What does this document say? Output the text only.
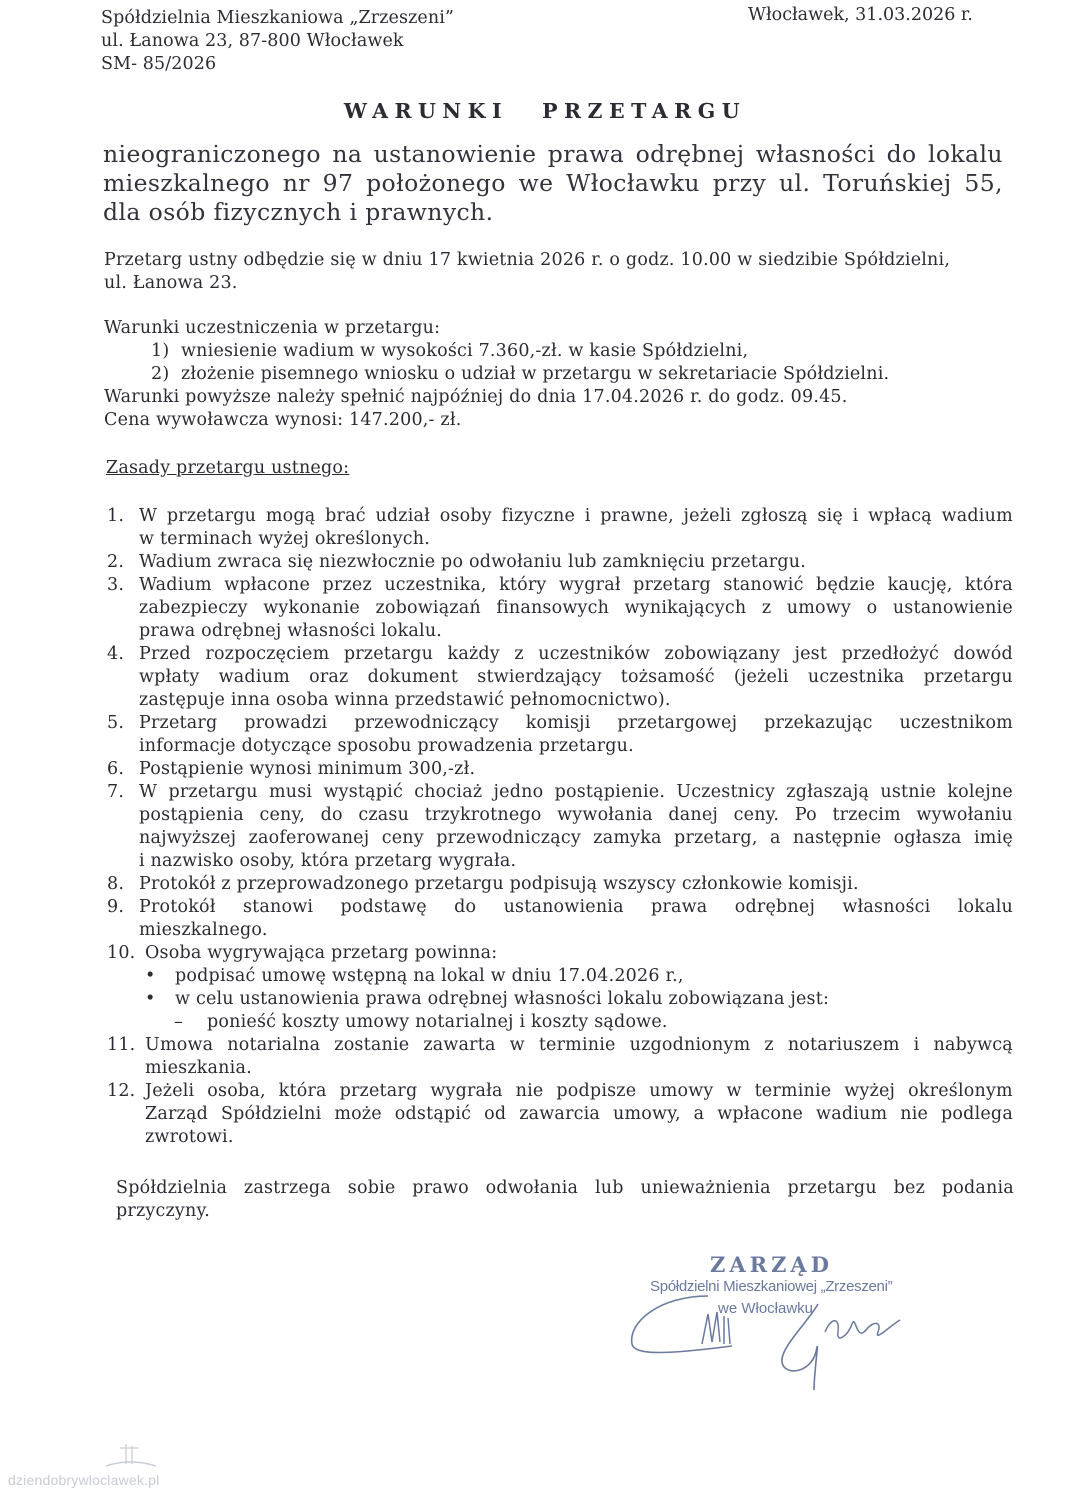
Spółdzielnia Mieszkaniowa „Zrzeszeni”
ul. Łanowa 23, 87-800 Włocławek
SM- 85/2026
Włocławek, 31.03.2026 r.
WARUNKI PRZETARGU
nieograniczonego na ustanowienie prawa odrębnej własności do lokalu
mieszkalnego nr 97 położonego we Włocławku przy ul. Toruńskiej 55,
dla osób fizycznych i prawnych.
Przetarg ustny odbędzie się w dniu 17 kwietnia 2026 r. o godz. 10.00 w siedzibie Spółdzielni,
ul. Łanowa 23.
Warunki uczestniczenia w przetargu:
1) wniesienie wadium w wysokości 7.360,-zł. w kasie Spółdzielni,
2) złożenie pisemnego wniosku o udział w przetargu w sekretariacie Spółdzielni.
Warunki powyższe należy spełnić najpóźniej do dnia 17.04.2026 r. do godz. 09.45.
Cena wywoławcza wynosi: 147.200,- zł.
Zasady przetargu ustnego:
1. W przetargu mogą brać udział osoby fizyczne i prawne, jeżeli zgłoszą się i wpłacą wadium
w terminach wyżej określonych.
2. Wadium zwraca się niezwłocznie po odwołaniu lub zamknięciu przetargu.
3. Wadium wpłacone przez uczestnika, który wygrał przetarg stanowić będzie kaucję, która
zabezpieczy wykonanie zobowiązań finansowych wynikających z umowy o ustanowienie
prawa odrębnej własności lokalu.
4. Przed rozpoczęciem przetargu każdy z uczestników zobowiązany jest przedłożyć dowód
wpłaty wadium oraz dokument stwierdzający tożsamość (jeżeli uczestnika przetargu
zastępuje inna osoba winna przedstawić pełnomocnictwo).
5. Przetarg prowadzi przewodniczący komisji przetargowej przekazując uczestnikom
informacje dotyczące sposobu prowadzenia przetargu.
6. Postąpienie wynosi minimum 300,-zł.
7. W przetargu musi wystąpić chociaż jedno postąpienie. Uczestnicy zgłaszają ustnie kolejne
postąpienia ceny, do czasu trzykrotnego wywołania danej ceny. Po trzecim wywołaniu
najwyższej zaoferowanej ceny przewodniczący zamyka przetarg, a następnie ogłasza imię
i nazwisko osoby, która przetarg wygrała.
8. Protokół z przeprowadzonego przetargu podpisują wszyscy członkowie komisji.
9. Protokół stanowi podstawę do ustanowienia prawa odrębnej własności lokalu
mieszkalnego.
10. Osoba wygrywająca przetarg powinna:
•	podpisać umowę wstępną na lokal w dniu 17.04.2026 r.,
•	w celu ustanowienia prawa odrębnej własności lokalu zobowiązana jest:
–	ponieść koszty umowy notarialnej i koszty sądowe.
11. Umowa notarialna zostanie zawarta w terminie uzgodnionym z notariuszem i nabywcą
mieszkania.
12. Jeżeli osoba, która przetarg wygrała nie podpisze umowy w terminie wyżej określonym
Zarząd Spółdzielni może odstąpić od zawarcia umowy, a wpłacone wadium nie podlega
zwrotowi.
Spółdzielnia zastrzega sobie prawo odwołania lub unieważnienia przetargu bez podania
przyczyny.
ZARZĄD
Spółdzielni Mieszkaniowej „Zrzeszeni”
we Włocławku
dziendobrywloclawek.pl
